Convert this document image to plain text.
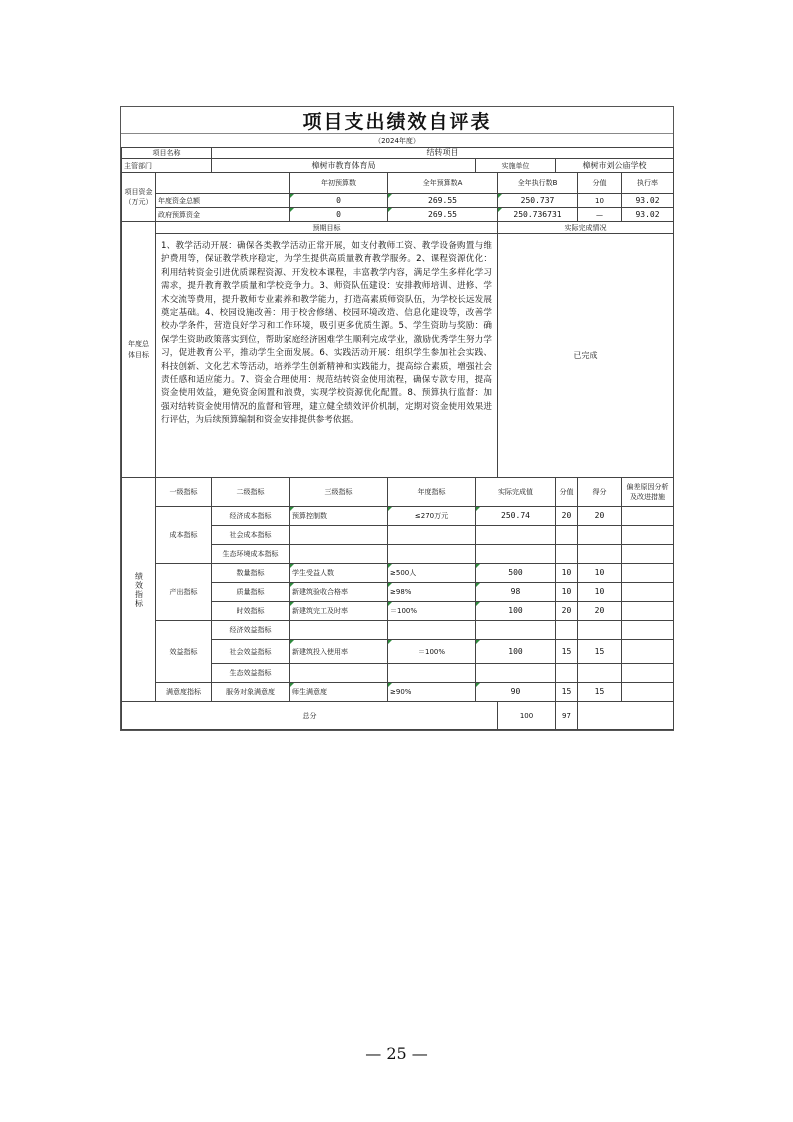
项目支出绩效自评表
（2024年度）
项目名称		结转项目								
主管部门		樟树市教育体育局			实施单位		樟树市刘公庙学校			
项目资金（万元）			年初预算数	全年预算数A		全年执行数B		分值	执行率	
	年度资金总额		0	269.55		250.737		10	93.02	
	政府预算资金		0	269.55		250.736731		—	93.02	

年度总体目标	预期目标					实际完成情况				
	1、教学活动开展：确保各类教学活动正常开展，如支付教师工资、教学设备购置与维护费用等，保证教学秩序稳定，为学生提供高质量教育教学服务。2、课程资源优化：利用结转资金引进优质课程资源、开发校本课程，丰富教学内容，满足学生多样化学习需求，提升教育教学质量和学校竞争力。3、师资队伍建设：安排教师培训、进修、学术交流等费用，提升教师专业素养和教学能力，打造高素质师资队伍，为学校长远发展奠定基础。4、校园设施改善：用于校舍修缮、校园环境改造、信息化建设等，改善学校办学条件，营造良好学习和工作环境，吸引更多优质生源。5、学生资助与奖励：确保学生资助政策落实到位，帮助家庭经济困难学生顺利完成学业，激励优秀学生努力学习，促进教育公平，推动学生全面发展。6、实践活动开展：组织学生参加社会实践、科技创新、文化艺术等活动，培养学生创新精神和实践能力，提高综合素质，增强社会责任感和适应能力。7、资金合理使用：规范结转资金使用流程，确保专款专用，提高资金使用效益，避免资金闲置和浪费，实现学校资源优化配置。8、预算执行监督：加强对结转资金使用情况的监督和管理，建立健全绩效评价机制，定期对资金使用效果进行评估，为后续预算编制和资金安排提供参考依据。					已完成				

绩效指标	一级指标	二级指标	三级指标	年度指标	实际完成值		分值	得分	偏差原因分析及改进措施	
	成本指标	经济成本指标	预算控制数	≤270万元	250.74		20	20		
		社会成本指标								
		生态环境成本指标								
	产出指标	数量指标	学生受益人数	≥500人	500		10	10		
		质量指标	新建筑验收合格率	≥98%	98		10	10		
		时效指标	新建筑完工及时率	＝100%	100		20	20		
	效益指标	经济效益指标								
		社会效益指标	新建筑投入使用率	＝100%	100		15	15		
		生态效益指标								
	满意度指标	服务对象满意度	师生满意度	≥90%	90		15	15		
总分						100	97			
— 25 —
